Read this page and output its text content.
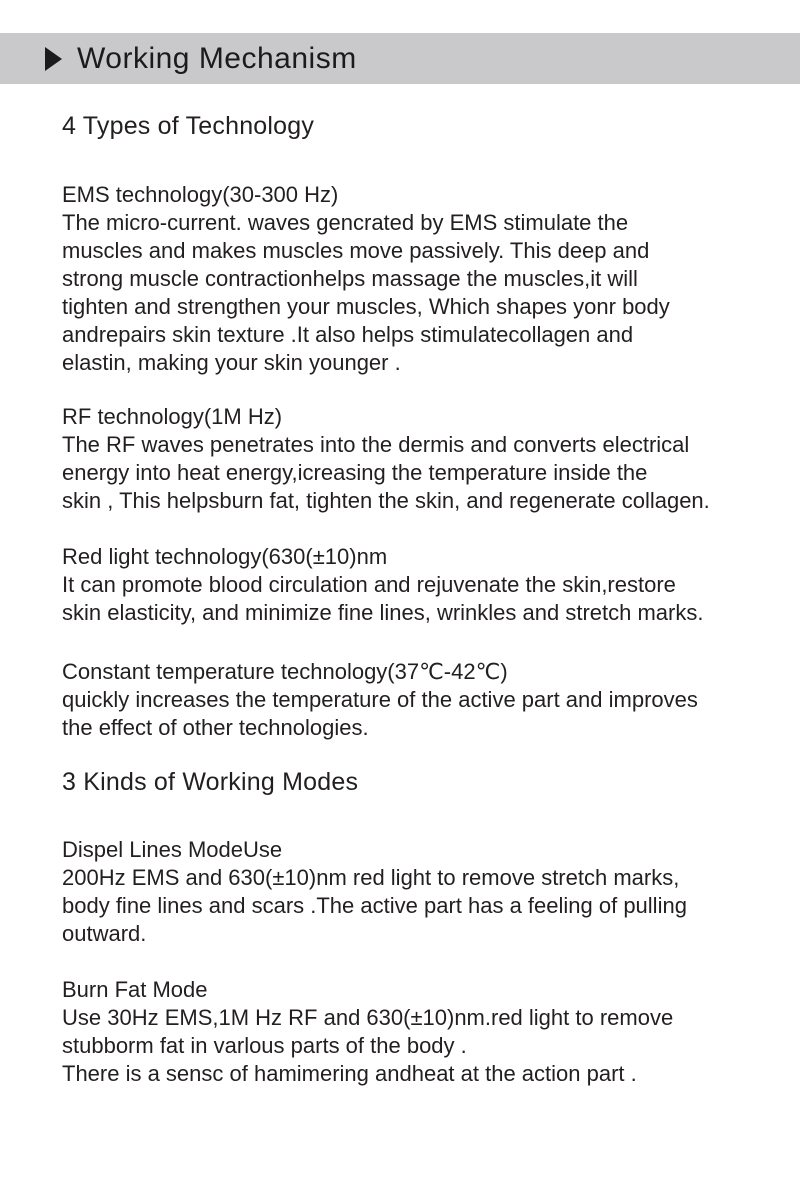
Working Mechanism
4 Types of Technology
EMS technology(30-300 Hz)
The micro-current. waves gencrated by EMS stimulate the
muscles and makes muscles move passively. This deep and
strong muscle contractionhelps massage the muscles,it will
tighten and strengthen your muscles, Which shapes yonr body
andrepairs skin texture .It also helps stimulatecollagen and
elastin, making your skin younger .
RF technology(1M Hz)
The RF waves penetrates into the dermis and converts electrical
energy into heat energy,icreasing the temperature inside the
skin , This helpsburn fat, tighten the skin, and regenerate collagen.
Red light technology(630(±10)nm
It can promote blood circulation and rejuvenate the skin,restore
skin elasticity, and minimize fine lines, wrinkles and stretch marks.
Constant temperature technology(37℃-42℃)
quickly increases the temperature of the active part and improves
the effect of other technologies.
3 Kinds of Working Modes
Dispel Lines ModeUse
200Hz EMS and 630(±10)nm red light to remove stretch marks,
body fine lines and scars .The active part has a feeling of pulling
outward.
Burn Fat Mode
Use 30Hz EMS,1M Hz RF and 630(±10)nm.red light to remove
stubborm fat in varlous parts of the body .
There is a sensc of hamimering andheat at the action part .
